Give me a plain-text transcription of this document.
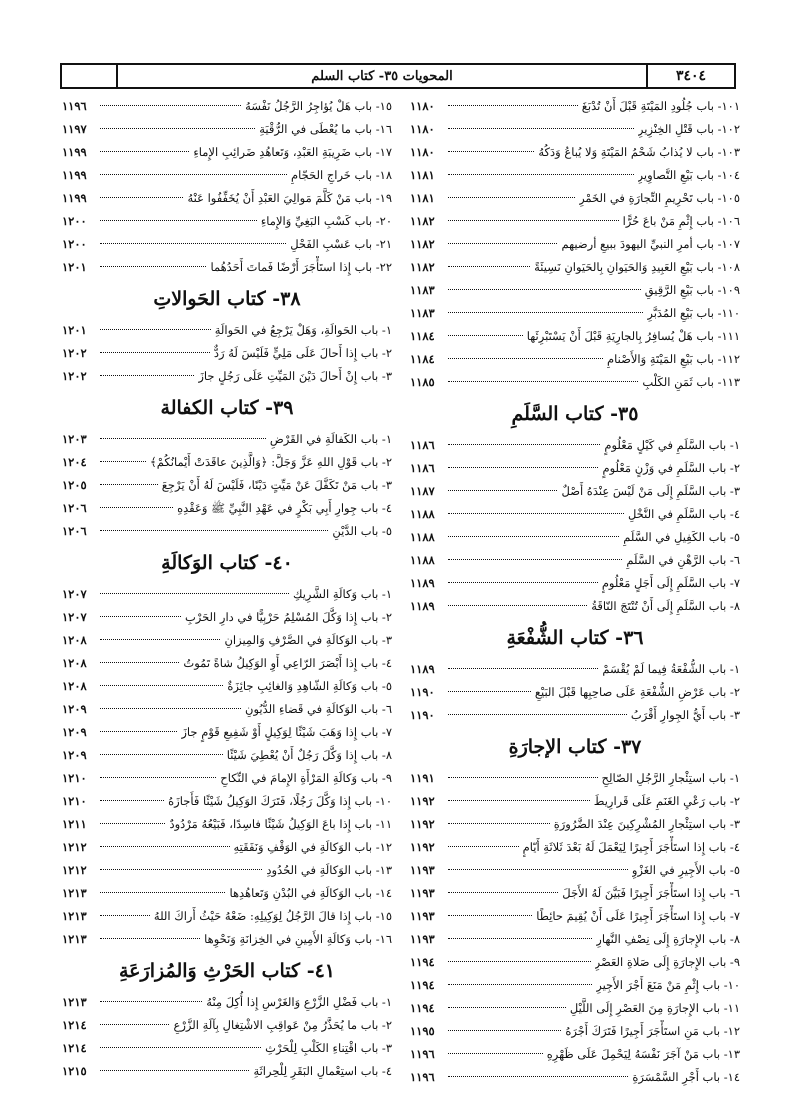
المحويات ٣٥- كتاب السلم	٣٤٠٤
١٠١- باب جُلُودِ المَيْتَةِ قَبْلَ أَنْ تُدْبَغَ
١١٨٠
١٠٢- باب قَتْلِ الخِنْزِيرِ
١١٨٠
١٠٣- باب لا يُذابُ شَحْمُ المَيْتَةِ وَلا يُباعُ وَدَكُهُ
١١٨٠
١٠٤- باب بَيْعِ التَّصاوِيرِ
١١٨١
١٠٥- باب تَحْرِيمِ التِّجارَةِ في الخَمْرِ
١١٨١
١٠٦- باب إِثْمِ مَنْ باعَ حُرًّا
١١٨٢
١٠٧- باب أمرِ النبيِّ اليهودَ ببيعِ أرضيهم
١١٨٢
١٠٨- باب بَيْعِ العَبِيدِ وَالحَيَوانِ بِالحَيَوانِ نَسِيئَةً
١١٨٢
١٠٩- باب بَيْعِ الرَّقِيقِ
١١٨٣
١١٠- باب بَيْعِ المُدَبَّرِ
١١٨٣
١١١- باب هَلْ يُسافِرُ بِالجارِيَةِ قَبْلَ أَنْ يَسْتَبْرِئَها
١١٨٤
١١٢- باب بَيْعِ المَيْتَةِ وَالأَصْنامِ
١١٨٤
١١٣- باب ثَمَنِ الكَلْبِ
١١٨٥
٣٥- كتاب السَّلَمِ
١- باب السَّلَمِ في كَيْلٍ مَعْلُومٍ
١١٨٦
٢- باب السَّلَمِ في وَزْنٍ مَعْلُومٍ
١١٨٦
٣- باب السَّلَمِ إِلَى مَنْ لَيْسَ عِنْدَهُ أَصْلٌ
١١٨٧
٤- باب السَّلَمِ في النَّخْلِ
١١٨٨
٥- باب الكَفِيلِ في السَّلَمِ
١١٨٨
٦- باب الرَّهْنِ في السَّلَمِ
١١٨٨
٧- باب السَّلَمِ إِلَى أَجَلٍ مَعْلُومٍ
١١٨٩
٨- باب السَّلَمِ إِلَى أَنْ تُنْتَجَ النّاقَةُ
١١٨٩
٣٦- كتاب الشُّفْعَةِ
١- باب الشُّفْعَةُ فِيما لَمْ يُقْسَمْ
١١٨٩
٢- باب عَرْضِ الشُّفْعَةِ عَلَى صاحِبِها قَبْلَ البَيْعِ
١١٩٠
٣- باب أَيُّ الجِوارِ أَقْرَبُ
١١٩٠
٣٧- كتاب الإجارَةِ
١- باب استِئْجارِ الرَّجُلِ الصّالِحِ
١١٩١
٢- باب رَعْيِ الغَنَمِ عَلَى قَرارِيطَ
١١٩٢
٣- باب استِئْجارِ المُشْرِكِينَ عِنْدَ الضَّرُورَةِ
١١٩٢
٤- باب إِذا استَأْجَرَ أَجِيرًا لِيَعْمَلَ لَهُ بَعْدَ ثَلاثَةِ أَيّامٍ
١١٩٢
٥- باب الأَجِيرِ في الغَزْوِ
١١٩٣
٦- باب إِذا استَأْجَرَ أَجِيرًا فَبَيَّنَ لَهُ الأَجَلَ
١١٩٣
٧- باب إِذا استَأْجَرَ أَجِيرًا عَلَى أَنْ يُقِيمَ حائِطًا
١١٩٣
٨- باب الإِجارَةِ إِلَى نِصْفِ النَّهارِ
١١٩٣
٩- باب الإِجارَةِ إِلَى صَلاةِ العَصْرِ
١١٩٤
١٠- باب إِثْمِ مَنْ مَنَعَ أَجْرَ الأَجِيرِ
١١٩٤
١١- باب الإِجارَةِ مِنَ العَصْرِ إِلَى اللَّيْلِ
١١٩٤
١٢- باب مَنِ استَأْجَرَ أَجِيرًا فَتَرَكَ أَجْرَهُ
١١٩٥
١٣- باب مَنْ آجَرَ نَفْسَهُ لِيَحْمِلَ عَلَى ظَهْرِهِ
١١٩٦
١٤- باب أَجْرِ السَّمْسَرَةِ
١١٩٦
١٥- باب هَلْ يُؤاجِرُ الرَّجُلُ نَفْسَهُ
١١٩٦
١٦- باب ما يُعْطَى في الرُّقْيَةِ
١١٩٧
١٧- باب ضَرِيبَةِ العَبْدِ، وَتَعاهُدِ ضَرائِبِ الإِماءِ
١١٩٩
١٨- باب خَراجِ الحَجّامِ
١١٩٩
١٩- باب مَنْ كَلَّمَ مَوالِيَ العَبْدِ أَنْ يُخَفِّفُوا عَنْهُ
١١٩٩
٢٠- باب كَسْبِ البَغِيِّ وَالإِماءِ
١٢٠٠
٢١- باب عَسْبِ الفَحْلِ
١٢٠٠
٢٢- باب إِذا استَأْجَرَ أَرْضًا فَماتَ أَحَدُهُما
١٢٠١
٣٨- كتاب الحَوالاتِ
١- باب الحَوالَةِ، وَهَلْ يَرْجِعُ في الحَوالَةِ
١٢٠١
٢- باب إِذا أَحالَ عَلَى مَلِيٍّ فَلَيْسَ لَهُ رَدٌّ
١٢٠٢
٣- باب إِنْ أَحالَ دَيْنَ المَيِّتِ عَلَى رَجُلٍ جازَ
١٢٠٢
٣٩- كتاب الكفالة
١- باب الكَفالَةِ في القَرْضِ
١٢٠٣
٢- باب قَوْلِ اللهِ عَزَّ وَجَلَّ: ﴿وَالَّذِينَ عاقَدَتْ أَيْمانُكُمْ﴾
١٢٠٤
٣- باب مَنْ تَكَفَّلَ عَنْ مَيِّتٍ دَيْنًا، فَلَيْسَ لَهُ أَنْ يَرْجِعَ
١٢٠٥
٤- باب جِوارِ أَبِي بَكْرٍ في عَهْدِ النَّبِيِّ ﷺ وَعَقْدِهِ
١٢٠٦
٥- باب الدَّيْنِ
١٢٠٦
٤٠- كتاب الوَكالَةِ
١- باب وَكالَةِ الشَّرِيكِ
١٢٠٧
٢- باب إِذا وَكَّلَ المُسْلِمُ حَرْبِيًّا في دارِ الحَرْبِ
١٢٠٧
٣- باب الوَكالَةِ في الصَّرْفِ وَالمِيزانِ
١٢٠٨
٤- باب إِذا أَبْصَرَ الرّاعِي أَوِ الوَكِيلُ شاةً تَمُوتُ
١٢٠٨
٥- باب وَكالَةِ الشّاهِدِ وَالغائِبِ جائِزَةٌ
١٢٠٨
٦- باب الوَكالَةِ في قَضاءِ الدُّيُونِ
١٢٠٩
٧- باب إِذا وَهَبَ شَيْئًا لِوَكِيلٍ أَوْ شَفِيعِ قَوْمٍ جازَ
١٢٠٩
٨- باب إِذا وَكَّلَ رَجُلٌ أَنْ يُعْطِيَ شَيْئًا
١٢٠٩
٩- باب وَكالَةِ المَرْأَةِ الإِمامَ في النِّكاحِ
١٢١٠
١٠- باب إِذا وَكَّلَ رَجُلًا، فَتَرَكَ الوَكِيلُ شَيْئًا فَأَجازَهُ
١٢١٠
١١- باب إِذا باعَ الوَكِيلُ شَيْئًا فاسِدًا، فَبَيْعُهُ مَرْدُودٌ
١٢١١
١٢- باب الوَكالَةِ في الوَقْفِ وَنَفَقَتِهِ
١٢١٢
١٣- باب الوَكالَةِ في الحُدُودِ
١٢١٢
١٤- باب الوَكالَةِ في البُدْنِ وَتَعاهُدِها
١٢١٣
١٥- باب إِذا قالَ الرَّجُلُ لِوَكِيلِهِ: ضَعْهُ حَيْثُ أَراكَ اللهُ
١٢١٣
١٦- باب وَكالَةِ الأَمِينِ في الخِزانَةِ وَنَحْوِها
١٢١٣
٤١- كتاب الحَرْثِ وَالمُزارَعَةِ
١- باب فَضْلِ الزَّرْعِ وَالغَرْسِ إِذا أُكِلَ مِنْهُ
١٢١٣
٢- باب ما يُحَذَّرُ مِنْ عَواقِبِ الاشْتِغالِ بِآلَةِ الزَّرْعِ
١٢١٤
٣- باب اقْتِناءِ الكَلْبِ لِلْحَرْثِ
١٢١٤
٤- باب استِعْمالِ البَقَرِ لِلْحِراثَةِ
١٢١٥
